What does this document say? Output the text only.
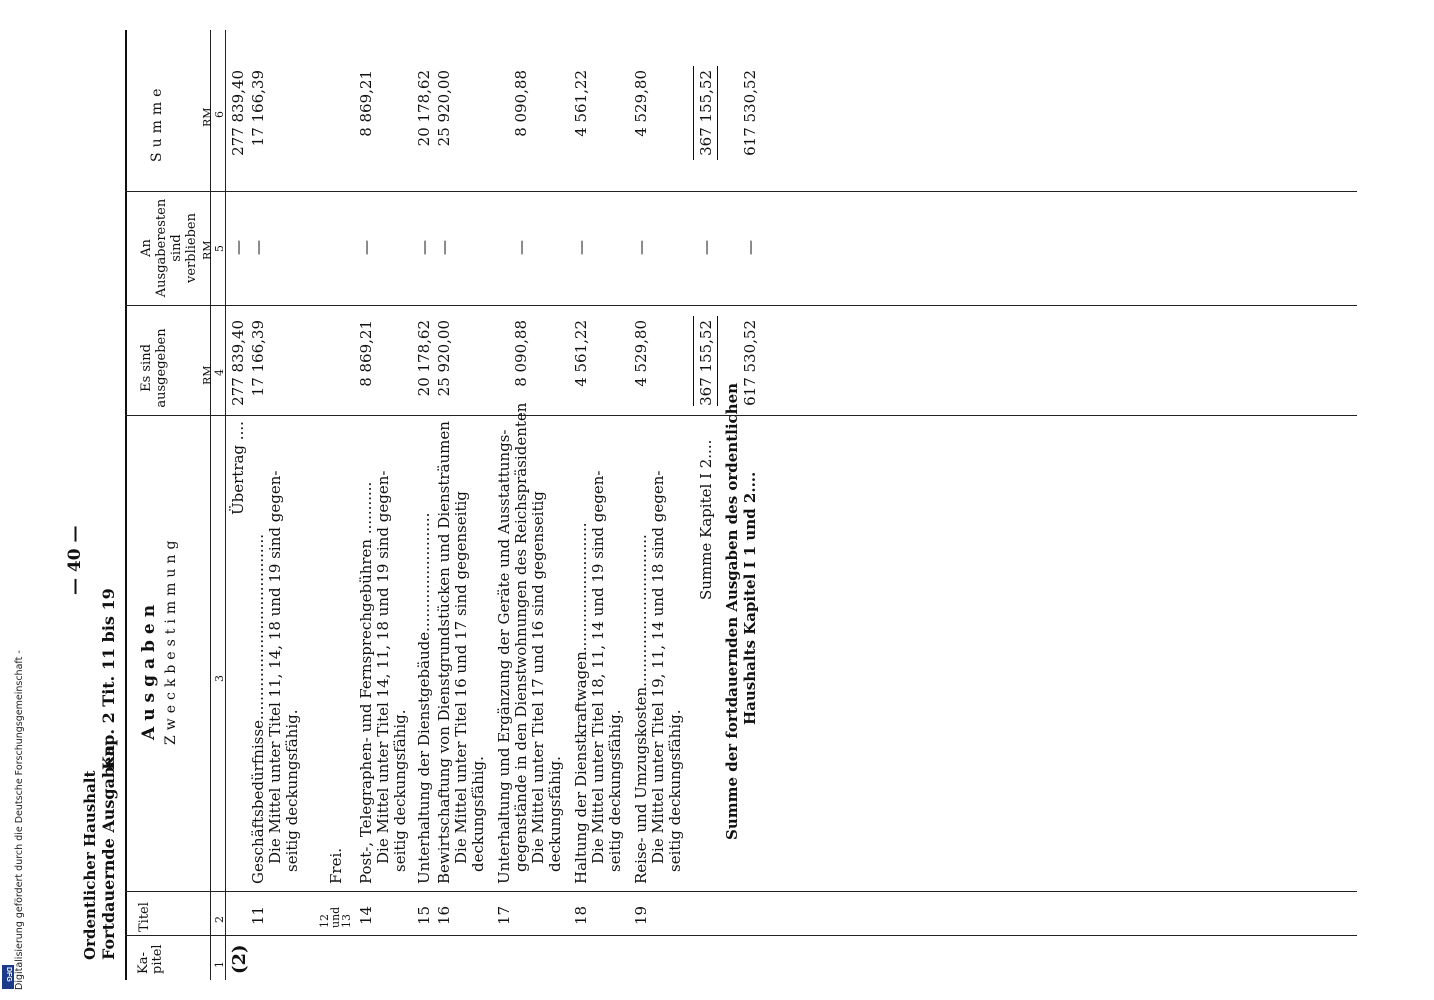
— 40 —
Ordentlicher Haushalt Fortdauernde Ausgaben.
Kap. 2 Tit. 11 bis 19
Ka-pitel
Titel
Ausgaben Zweckbestimmung
Es sind ausgegeben
An Ausgaberesten sind verblieben
Summe
1
2
3
4
5
6
RM
RM
RM
(2)
Übertrag ....
277 839,40
—
277 839,40
11
Geschäftsbedürfnisse....................................... Die Mittel unter Titel 11, 14, 18 und 19 sind gegen- seitig deckungsfähig.
17 166,39
—
17 166,39
12 und 13
Frei.
14
Post-, Telegraphen- und Fernsprechgebühren ........... Die Mittel unter Titel 14, 11, 18 und 19 sind gegen- seitig deckungsfähig.
8 869,21
—
8 869,21
15
Unterhaltung der Dienstgebäude.........................
20 178,62
—
20 178,62
16
Bewirtschaftung von Dienstgrundstücken und Diensträumen Die Mittel unter Titel 16 und 17 sind gegenseitig deckungsfähig.
25 920,00
—
25 920,00
17
Unterhaltung und Ergänzung der Geräte und Ausstattungs- gegenstände in den Dienstwohnungen des Reichspräsidenten Die Mittel unter Titel 17 und 16 sind gegenseitig deckungsfähig.
8 090,88
—
8 090,88
18
Haltung der Dienstkraftwagen........................... Die Mittel unter Titel 18, 11, 14 und 19 sind gegen- seitig deckungsfähig.
4 561,22
—
4 561,22
19
Reise- und Umzugskosten................................ Die Mittel unter Titel 19, 11, 14 und 18 sind gegen- seitig deckungsfähig.
4 529,80
—
4 529,80
Summe Kapitel I 2....
367 155,52
—
367 155,52
Summe der fortdauernden Ausgaben des ordentlichen Haushalts Kapitel I 1 und 2....
617 530,52
—
617 530,52
Digitalisierung gefördert durch die Deutsche Forschungsgemeinschaft -
DFG
